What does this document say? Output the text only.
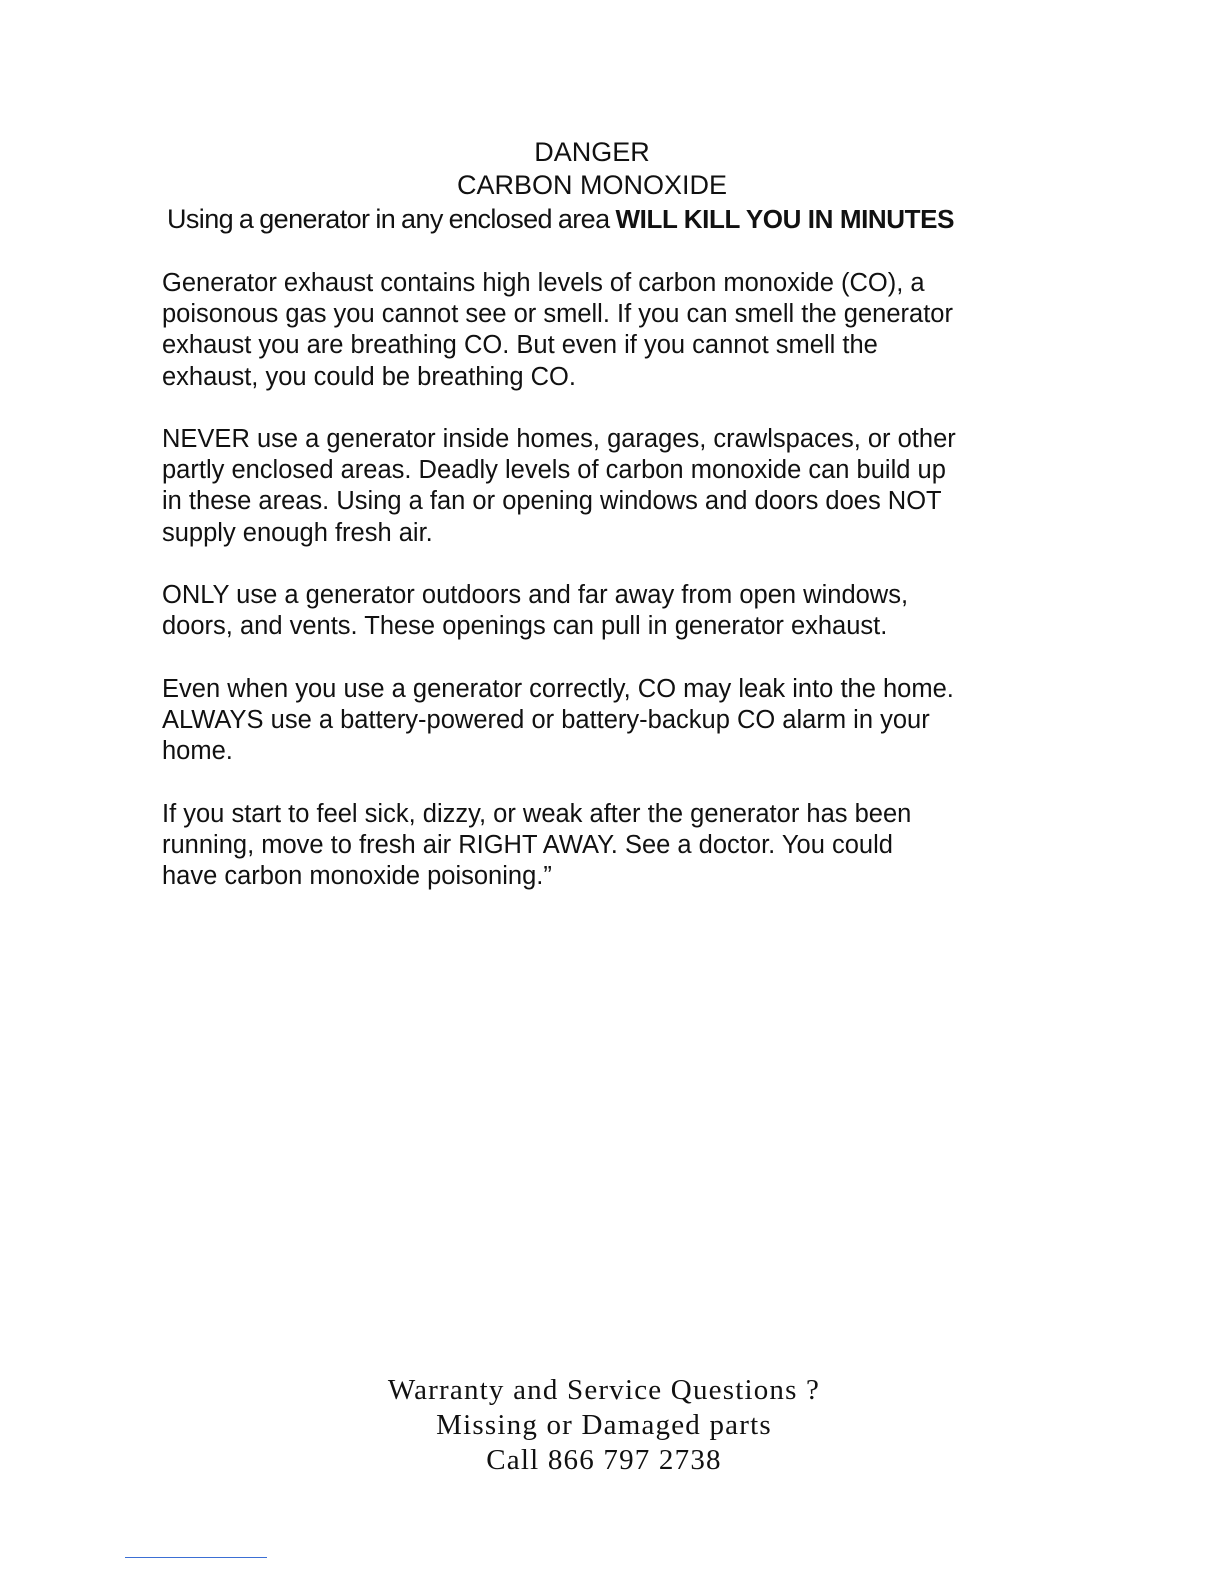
DANGER
CARBON MONOXIDE
Using a generator in any enclosed area WILL KILL YOU IN MINUTES

Generator exhaust contains high levels of carbon monoxide (CO), a
poisonous gas you cannot see or smell. If you can smell the generator
exhaust you are breathing CO. But even if you cannot smell the
exhaust, you could be breathing CO.

NEVER use a generator inside homes, garages, crawlspaces, or other
partly enclosed areas. Deadly levels of carbon monoxide can build up
in these areas. Using a fan or opening windows and doors does NOT
supply enough fresh air.

ONLY use a generator outdoors and far away from open windows,
doors, and vents. These openings can pull in generator exhaust.

Even when you use a generator correctly, CO may leak into the home.
ALWAYS use a battery-powered or battery-backup CO alarm in your
home.

If you start to feel sick, dizzy, or weak after the generator has been
running, move to fresh air RIGHT AWAY. See a doctor. You could
have carbon monoxide poisoning.”

Warranty and Service Questions ?

Missing or Damaged parts

Call 866 797 2738
